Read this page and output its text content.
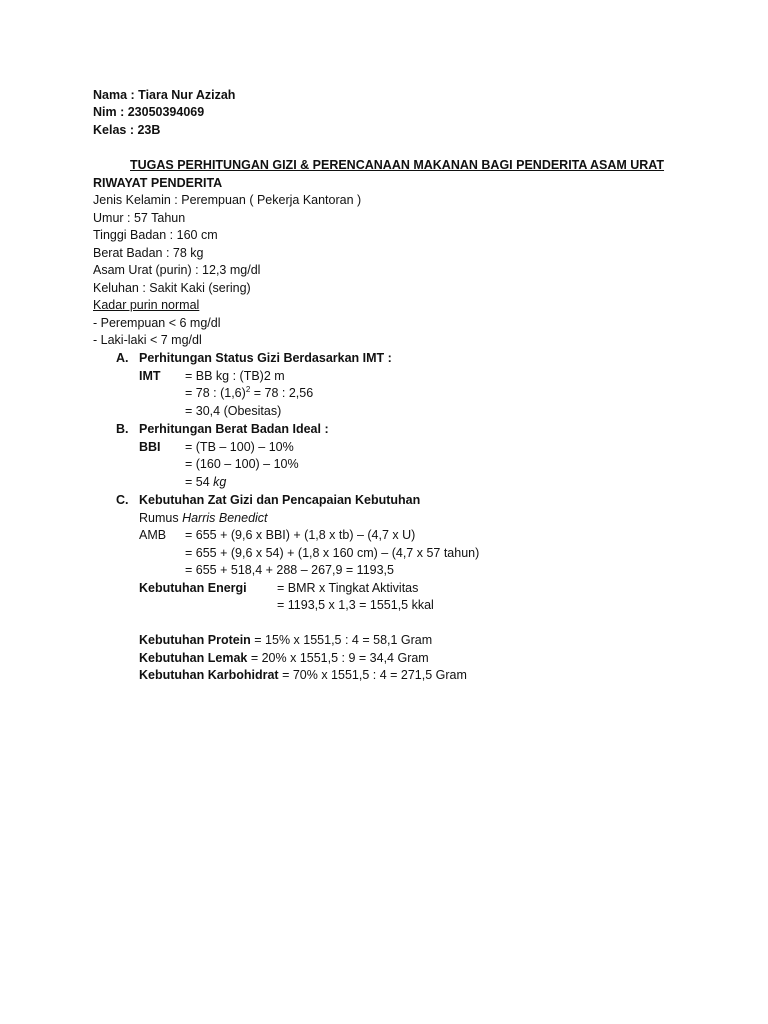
Nama : Tiara Nur Azizah
Nim : 23050394069
Kelas : 23B
TUGAS PERHITUNGAN GIZI & PERENCANAAN MAKANAN BAGI PENDERITA ASAM URAT
RIWAYAT PENDERITA
Jenis Kelamin : Perempuan ( Pekerja Kantoran )
Umur : 57 Tahun
Tinggi Badan : 160 cm
Berat Badan : 78 kg
Asam Urat (purin) : 12,3 mg/dl
Keluhan : Sakit Kaki (sering)
Kadar purin normal
- Perempuan < 6 mg/dl
- Laki-laki < 7 mg/dl
A. Perhitungan Status Gizi Berdasarkan IMT :
IMT = BB kg : (TB)2 m
= 78 : $(1,6)^2 = 78$ : 2,56
= 30,4 (Obesitas)
B. Perhitungan Berat Badan Ideal :
BBI = (TB – 100) – 10%
= (160 – 100) – 10%
= 54 kg
C. Kebutuhan Zat Gizi dan Pencapaian Kebutuhan
Rumus Harris Benedict
AMB = 655 + (9,6 x BBI) + (1,8 x tb) – (4,7 x U)
= 655 + (9,6 x 54) + (1,8 x 160 cm) – (4,7 x 57 tahun)
= 655 + 518,4 + 288 – 267,9 = 1193,5
Kebutuhan Energi = BMR x Tingkat Aktivitas
= 1193,5 x 1,3 = 1551,5 kkal
Kebutuhan Protein = 15% x 1551,5 : 4 = 58,1 Gram
Kebutuhan Lemak = 20% x 1551,5 : 9 = 34,4 Gram
Kebutuhan Karbohidrat = 70% x 1551,5 : 4 = 271,5 Gram
